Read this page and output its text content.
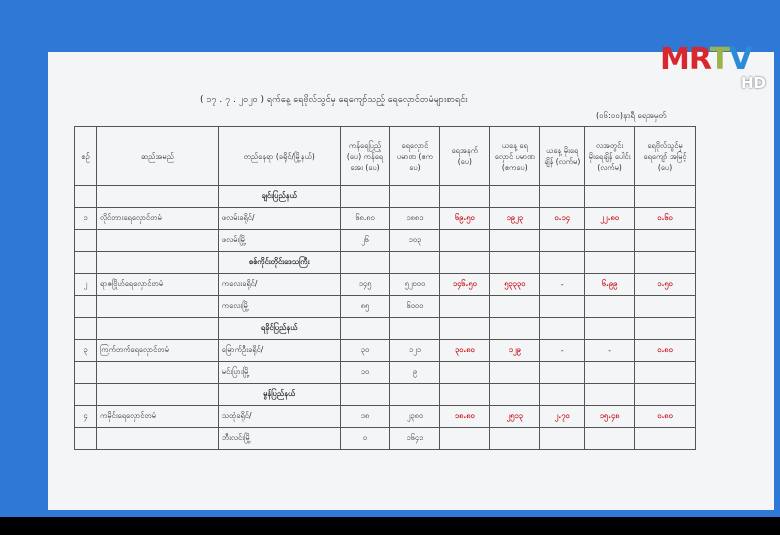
MRTV
HD
( ၁၇ . ၇ . ၂၀၂၀ ) ရက်နေ့ ရေဗိုလ်သွင်မှ ရေကျော်သည့် ရေလှောင်တမံများစာရင်း
(၀၆:၀၀)နာရီ ရေအမှတ်
စဉ်	ဆည်အမည်	တည်နေရာ (ခရိုင်/မြို့နယ်)	ကန်ရေပြည့် (ပေ) ကန်ရေအေး (ပေ)	ရေလှောင် ပမာဏ (ဧကပေ)	ရေအနက် (ပေ)	ယနေ့ ရေလှောင် ပမာဏ (ဧကပေ)	ယနေ့ မိုးရေ ချိန် (လက်မ)	လအတွင်း မိုးရေချိန် ပေါင်း (လက်မ)	ရေဗိုလ်သွင်မှ ရေကျော် အမြင့် (ပေ)
		ချင်းပြည်နယ်							
၁	လိုင်တားရေလှောင်တမံ	ဖလမ်းခရိုင်/	၆၈.၈၀	၁၈၈၁	၆၉.၅၀	၁၉၂၃	၀.၁၄	၂၂.၈၀	၀.၆၀
		ဖလမ်းမြို့	၂၆	၁၀၃					
		စစ်ကိုင်းတိုင်းဒေသကြီး							
၂	ရာဇဗြိုဟ်ရေလှောင်တမံ	ကလေးခရိုင်/	၁၄၅	၅၂၀၀၀	၁၄၆.၅၀	၅၃၃၃၀	-	၆.၉၉	၁.၅၀
		ကလေးမြို့	၈၅	၆၀၀၀					
		ရခိုင်ပြည်နယ်							
၃	ကြက်တက်ရေလှောင်တမံ	မြောက်ဦးခရိုင်/	၃၀	၁၂၁	၃၀.၈၀	၁၂၉	-	-	၀.၈၀
		မင်းပြားမြို့	၁၀	၉					
		မွန်ပြည်နယ်							
၄	ကမိုင်းရေလှောင်တမံ	သထုံခရိုင်/	၁၈	၂၃၈၀	၁၈.၈၀	၂၅၁၃	၂.၇၀	၁၅.၄၈	၀.၈၀
		ဘီးလင်းမြို့	၀	၁၆၄၁					
